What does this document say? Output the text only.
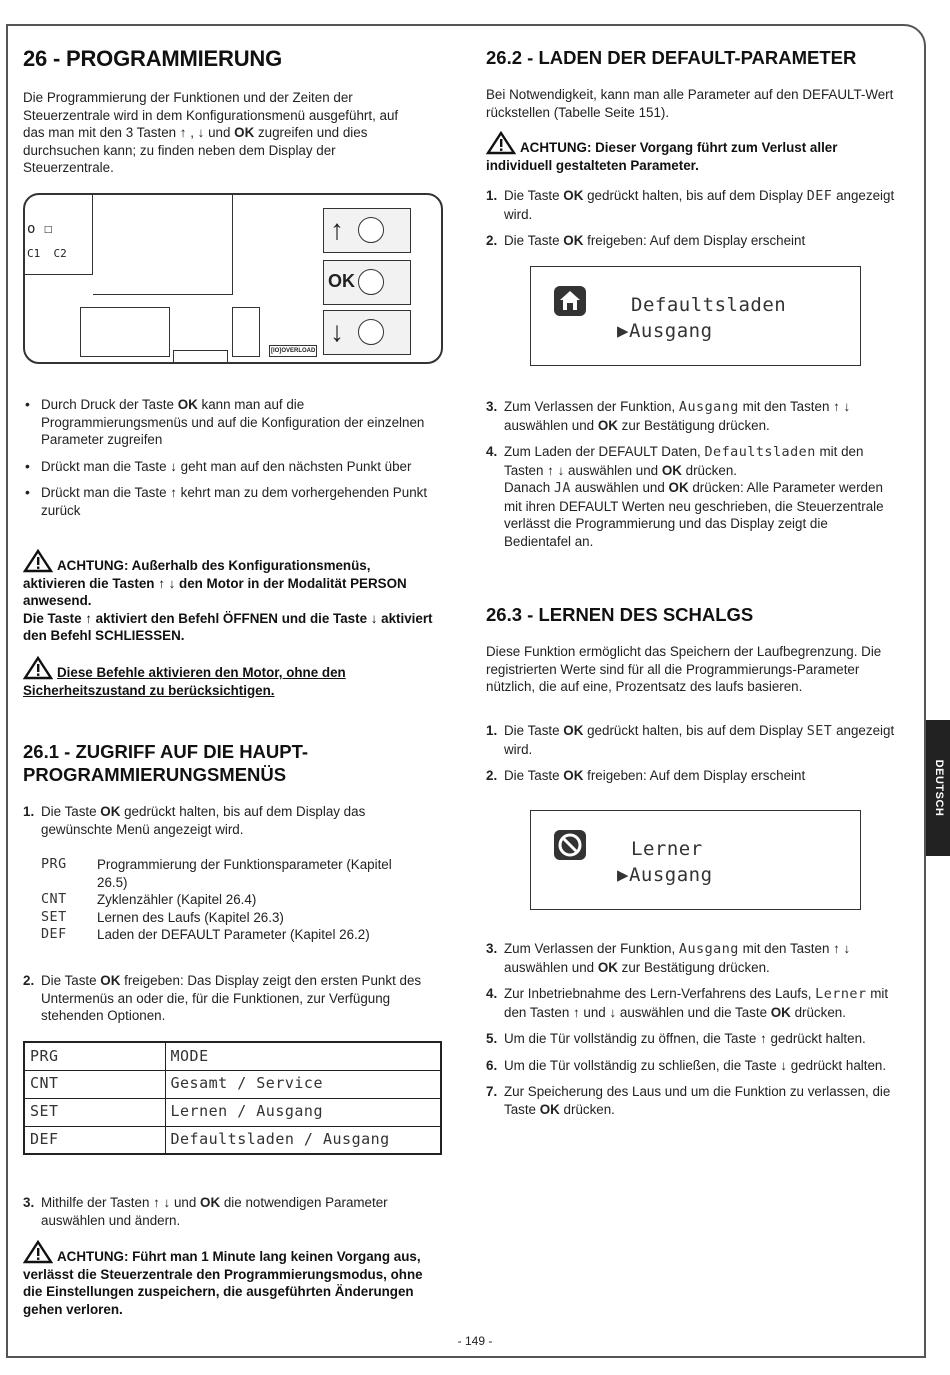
26 - PROGRAMMIERUNG

Die Programmierung der Funktionen und der Zeiten der Steuerzentrale wird in dem Konfigurationsmenü ausgeführt, auf das man mit den 3 Tasten ↑ , ↓ und OK zugreifen und dies durchsuchen kann; zu finden neben dem Display der Steuerzentrale.

o ☐
C1 C2
[IO]OVERLOAD
↑
OK
↓
• Durch Druck der Taste OK kann man auf die Programmierungsmenüs und auf die Konfiguration der einzelnen Parameter zugreifen
• Drückt man die Taste ↓ geht man auf den nächsten Punkt über
• Drückt man die Taste ↑ kehrt man zu dem vorhergehenden Punkt zurück
ACHTUNG: Außerhalb des Konfigurationsmenüs, aktivieren die Tasten ↑ ↓ den Motor in der Modalität PERSON anwesend.
Die Taste ↑ aktiviert den Befehl ÖFFNEN und die Taste ↓ aktiviert den Befehl SCHLIESSEN.
Diese Befehle aktivieren den Motor, ohne den Sicherheitszustand zu berücksichtigen.
26.1 - ZUGRIFF AUF DIE HAUPT-PROGRAMMIERUNGSMENÜS
1. Die Taste OK gedrückt halten, bis auf dem Display das gewünschte Menü angezeigt wird.
PRG	Programmierung der Funktionsparameter (Kapitel 26.5)
CNT	Zyklenzähler (Kapitel 26.4)
SET	Lernen des Laufs (Kapitel 26.3)
DEF	Laden der DEFAULT Parameter (Kapitel 26.2)
2. Die Taste OK freigeben: Das Display zeigt den ersten Punkt des Untermenüs an oder die, für die Funktionen, zur Verfügung stehenden Optionen.
PRG	MODE
CNT	Gesamt / Service
SET	Lernen / Ausgang
DEF	Defaultsladen / Ausgang
3. Mithilfe der Tasten ↑ ↓ und OK die notwendigen Parameter auswählen und ändern.
ACHTUNG: Führt man 1 Minute lang keinen Vorgang aus, verlässt die Steuerzentrale den Programmierungsmodus, ohne die Einstellungen zuspeichern, die ausgeführten Änderungen gehen verloren.
26.2 - LADEN DER DEFAULT-PARAMETER

Bei Notwendigkeit, kann man alle Parameter auf den DEFAULT-Wert rückstellen (Tabelle Seite 151).

ACHTUNG: Dieser Vorgang führt zum Verlust aller individuell gestalteten Parameter.
1. Die Taste OK gedrückt halten, bis auf dem Display DEF angezeigt wird.
2. Die Taste OK freigeben: Auf dem Display erscheint
Defaultsladen
▶Ausgang
3. Zum Verlassen der Funktion, Ausgang mit den Tasten ↑ ↓ auswählen und OK zur Bestätigung drücken.
4. Zum Laden der DEFAULT Daten, Defaultsladen mit den Tasten ↑ ↓ auswählen und OK drücken.
Danach JA auswählen und OK drücken: Alle Parameter werden mit ihren DEFAULT Werten neu geschrieben, die Steuerzentrale verlässt die Programmierung und das Display zeigt die Bedientafel an.
26.3 - LERNEN DES SCHALGS

Diese Funktion ermöglicht das Speichern der Laufbegrenzung. Die registrierten Werte sind für all die Programmierungs-Parameter nützlich, die auf eine, Prozentsatz des laufs basieren.

1. Die Taste OK gedrückt halten, bis auf dem Display SET angezeigt wird.
2. Die Taste OK freigeben: Auf dem Display erscheint
Lerner
▶Ausgang
3. Zum Verlassen der Funktion, Ausgang mit den Tasten ↑ ↓ auswählen und OK zur Bestätigung drücken.
4. Zur Inbetriebnahme des Lern-Verfahrens des Laufs, Lerner mit den Tasten ↑ und ↓ auswählen und die Taste OK drücken.
5. Um die Tür vollständig zu öffnen, die Taste ↑ gedrückt halten.
6. Um die Tür vollständig zu schließen, die Taste ↓ gedrückt halten.
7. Zur Speicherung des Laus und um die Funktion zu verlassen, die Taste OK drücken.
DEUTSCH
- 149 -
